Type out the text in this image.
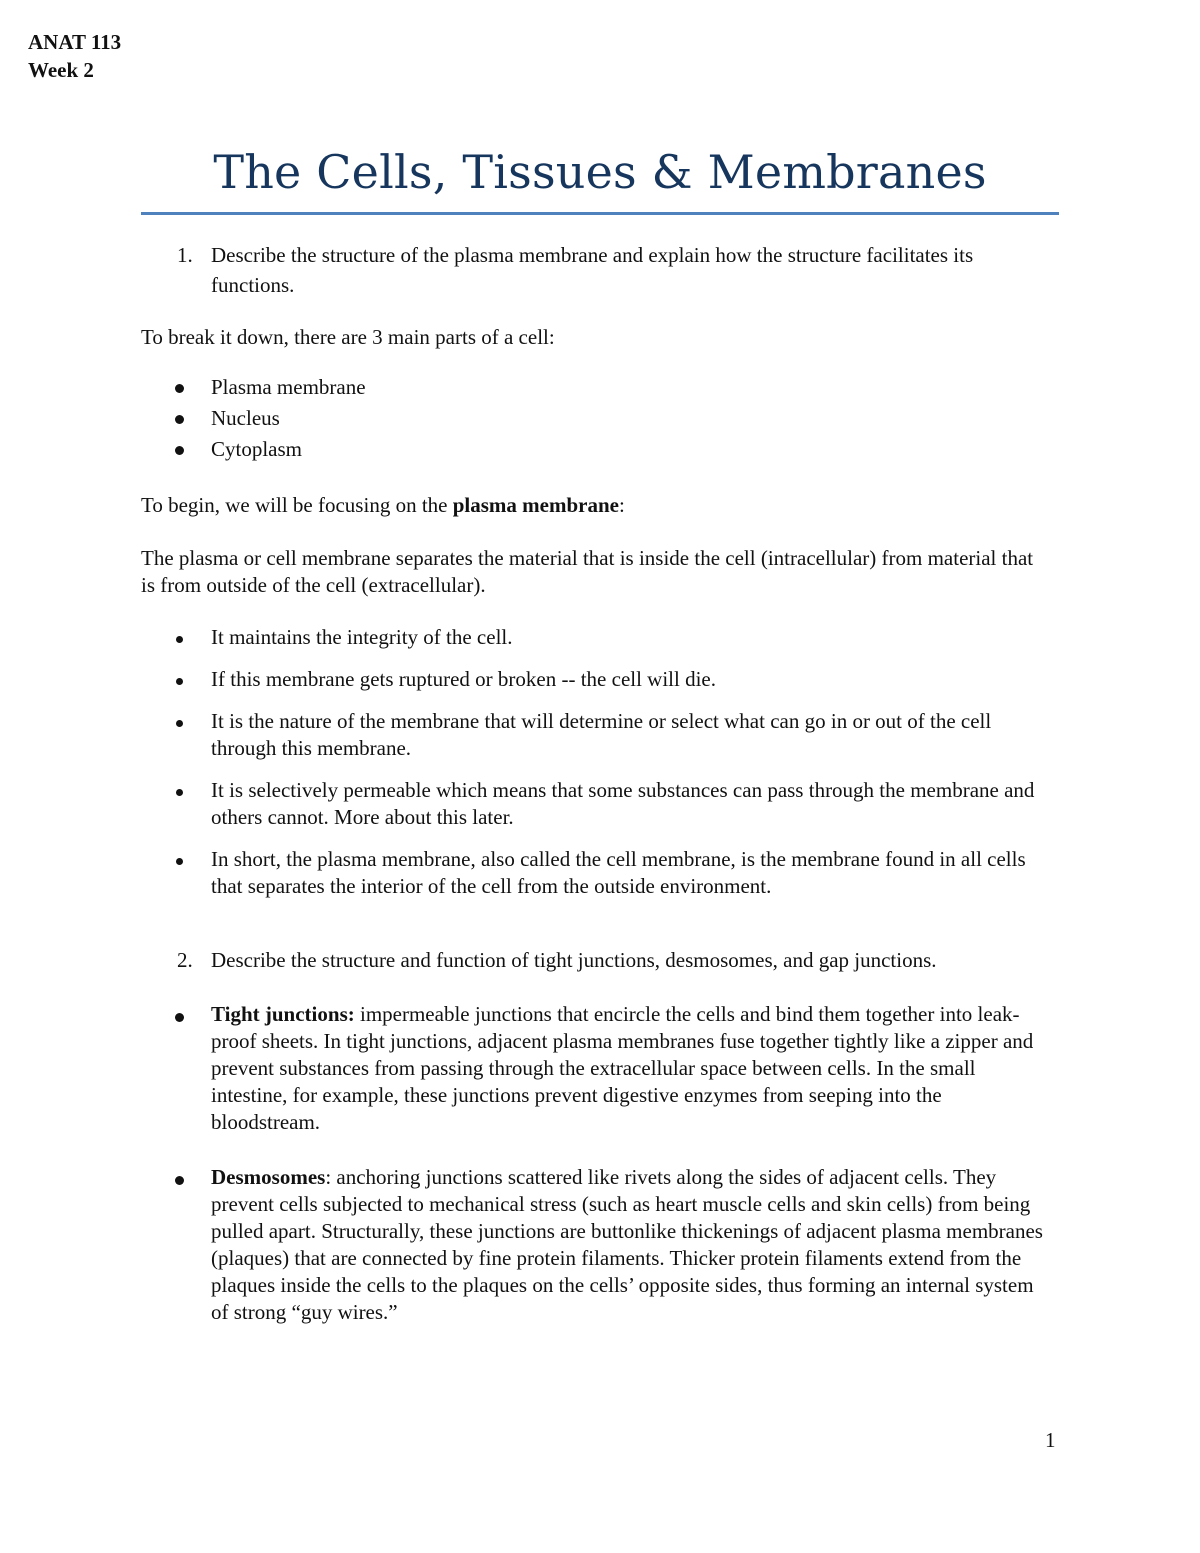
ANAT 113
Week 2
The Cells, Tissues & Membranes
1. Describe the structure of the plasma membrane and explain how the structure facilitates its functions.

To break it down, there are 3 main parts of a cell:

Plasma membrane
Nucleus
Cytoplasm

To begin, we will be focusing on the plasma membrane:

The plasma or cell membrane separates the material that is inside the cell (intracellular) from material that is from outside of the cell (extracellular).

It maintains the integrity of the cell.
If this membrane gets ruptured or broken -- the cell will die.
It is the nature of the membrane that will determine or select what can go in or out of the cell through this membrane.
It is selectively permeable which means that some substances can pass through the membrane and others cannot. More about this later.
In short, the plasma membrane, also called the cell membrane, is the membrane found in all cells that separates the interior of the cell from the outside environment.
2. Describe the structure and function of tight junctions, desmosomes, and gap junctions.
Tight junctions: impermeable junctions that encircle the cells and bind them together into leak-proof sheets. In tight junctions, adjacent plasma membranes fuse together tightly like a zipper and prevent substances from passing through the extracellular space between cells. In the small intestine, for example, these junctions prevent digestive enzymes from seeping into the bloodstream.
Desmosomes: anchoring junctions scattered like rivets along the sides of adjacent cells. They prevent cells subjected to mechanical stress (such as heart muscle cells and skin cells) from being pulled apart. Structurally, these junctions are buttonlike thickenings of adjacent plasma membranes (plaques) that are connected by fine protein filaments. Thicker protein filaments extend from the plaques inside the cells to the plaques on the cells’ opposite sides, thus forming an internal system of strong “guy wires.”
1
